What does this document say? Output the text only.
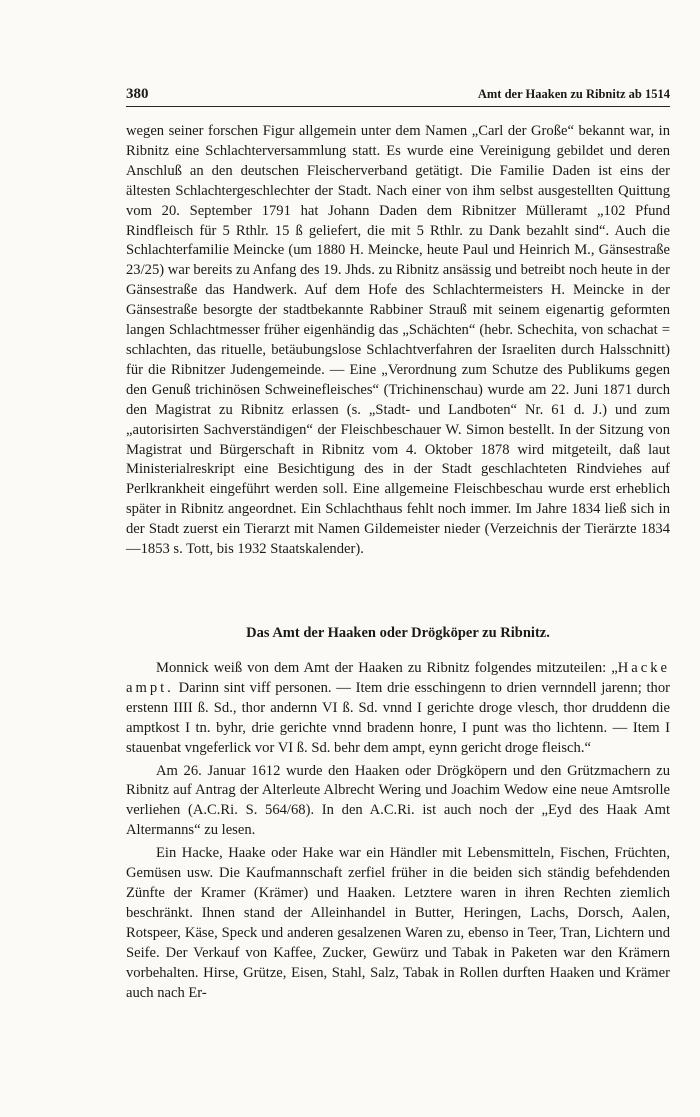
380	Amt der Haaken zu Ribnitz ab 1514

wegen seiner forschen Figur allgemein unter dem Namen „Carl der Große“ bekannt war, in Ribnitz eine Schlachterversammlung statt. Es wurde eine Vereinigung gebildet und deren Anschluß an den deutschen Fleischerverband getätigt. Die Familie Daden ist eins der ältesten Schlachtergeschlechter der Stadt. Nach einer von ihm selbst ausgestellten Quittung vom 20. September 1791 hat Johann Daden dem Ribnitzer Mülleramt „102 Pfund Rindfleisch für 5 Rthlr. 15 ß geliefert, die mit 5 Rthlr. zu Dank bezahlt sind“. Auch die Schlachterfamilie Meincke (um 1880 H. Meincke, heute Paul und Heinrich M., Gänsestraße 23/25) war bereits zu Anfang des 19. Jhds. zu Ribnitz ansässig und betreibt noch heute in der Gänsestraße das Handwerk. Auf dem Hofe des Schlachtermeisters H. Meincke in der Gänsestraße besorgte der stadtbekannte Rabbiner Strauß mit seinem eigenartig geformten langen Schlachtmesser früher eigenhändig das „Schächten“ (hebr. Schechita, von schachat = schlachten, das rituelle, betäubungslose Schlachtverfahren der Israeliten durch Halsschnitt) für die Ribnitzer Judengemeinde. — Eine „Verordnung zum Schutze des Publikums gegen den Genuß trichinösen Schweinefleisches“ (Trichinenschau) wurde am 22. Juni 1871 durch den Magistrat zu Ribnitz erlassen (s. „Stadt- und Landboten“ Nr. 61 d. J.) und zum „autorisirten Sachverständigen“ der Fleischbeschauer W. Simon bestellt. In der Sitzung von Magistrat und Bürgerschaft in Ribnitz vom 4. Oktober 1878 wird mitgeteilt, daß laut Ministerialreskript eine Besichtigung des in der Stadt geschlachteten Rindviehes auf Perlkrankheit eingeführt werden soll. Eine allgemeine Fleischbeschau wurde erst erheblich später in Ribnitz angeordnet. Ein Schlachthaus fehlt noch immer. Im Jahre 1834 ließ sich in der Stadt zuerst ein Tierarzt mit Namen Gildemeister nieder (Verzeichnis der Tierärzte 1834—1853 s. Tott, bis 1932 Staatskalender).

Das Amt der Haaken oder Drögköper zu Ribnitz.

Monnick weiß von dem Amt der Haaken zu Ribnitz folgendes mitzuteilen: „Hacke ampt. Darinn sint viff personen. — Item drie esschingenn to drien vernndell jarenn; thor erstenn IIII ß. Sd., thor andernn VI ß. Sd. vnnd I gerichte droge vlesch, thor druddenn die amptkost I tn. byhr, drie gerichte vnnd bradenn honre, I punt was tho lichtenn. — Item I stauenbat vngeferlick vor VI ß. Sd. behr dem ampt, eynn gericht droge fleisch.“

Am 26. Januar 1612 wurde den Haaken oder Drögköpern und den Grützmachern zu Ribnitz auf Antrag der Alterleute Albrecht Wering und Joachim Wedow eine neue Amtsrolle verliehen (A.C.Ri. S. 564/68). In den A.C.Ri. ist auch noch der „Eyd des Haak Amt Altermanns“ zu lesen.

Ein Hacke, Haake oder Hake war ein Händler mit Lebensmitteln, Fischen, Früchten, Gemüsen usw. Die Kaufmannschaft zerfiel früher in die beiden sich ständig befehdenden Zünfte der Kramer (Krämer) und Haaken. Letztere waren in ihren Rechten ziemlich beschränkt. Ihnen stand der Alleinhandel in Butter, Heringen, Lachs, Dorsch, Aalen, Rotspeer, Käse, Speck und anderen gesalzenen Waren zu, ebenso in Teer, Tran, Lichtern und Seife. Der Verkauf von Kaffee, Zucker, Gewürz und Tabak in Paketen war den Krämern vorbehalten. Hirse, Grütze, Eisen, Stahl, Salz, Tabak in Rollen durften Haaken und Krämer auch nach Er-
